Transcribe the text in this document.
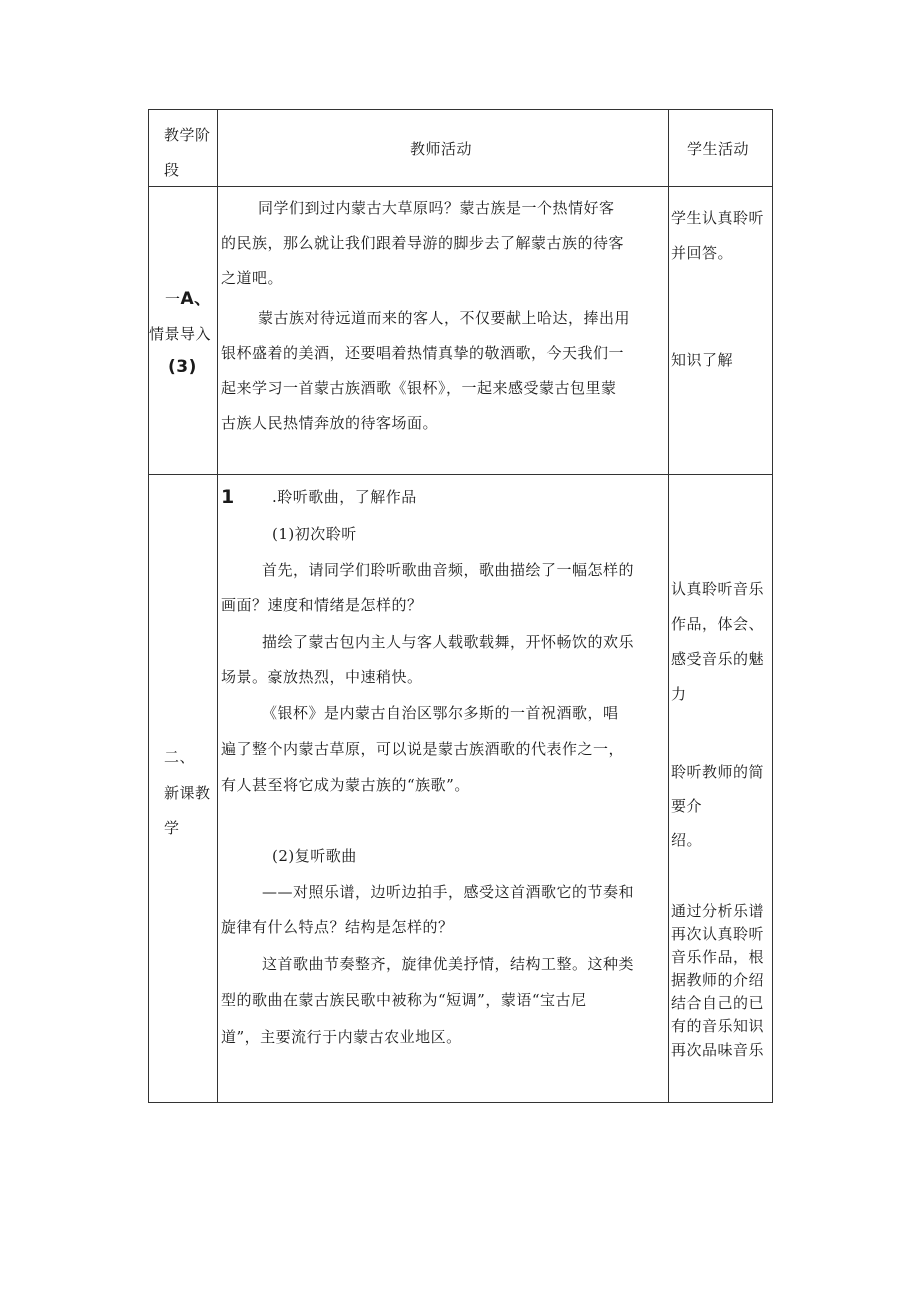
教学阶
段
教师活动	学生活动
一A、
情景导入
(3)
同学们到过内蒙古大草原吗？蒙古族是一个热情好客
的民族，那么就让我们跟着导游的脚步去了解蒙古族的待客
之道吧。
蒙古族对待远道而来的客人，不仅要献上哈达，捧出用
银杯盛着的美酒，还要唱着热情真挚的敬酒歌，今天我们一
起来学习一首蒙古族酒歌《银杯》，一起来感受蒙古包里蒙
古族人民热情奔放的待客场面。
学生认真聆听
并回答。
知识了解
二、
新课教
学
1 .聆听歌曲，了解作品
(1)初次聆听
首先，请同学们聆听歌曲音频，歌曲描绘了一幅怎样的
画面？速度和情绪是怎样的？
描绘了蒙古包内主人与客人载歌载舞，开怀畅饮的欢乐
场景。豪放热烈，中速稍快。
《银杯》是内蒙古自治区鄂尔多斯的一首祝酒歌，唱
遍了整个内蒙古草原，可以说是蒙古族酒歌的代表作之一，
有人甚至将它成为蒙古族的“族歌”。
(2)复听歌曲
——对照乐谱，边听边拍手，感受这首酒歌它的节奏和
旋律有什么特点？结构是怎样的？
这首歌曲节奏整齐，旋律优美抒情，结构工整。这种类
型的歌曲在蒙古族民歌中被称为“短调”，蒙语“宝古尼
道”，主要流行于内蒙古农业地区。
认真聆听音乐
作品，体会、
感受音乐的魅
力
聆听教师的简
要介
绍。
通过分析乐谱
再次认真聆听
音乐作品，根
据教师的介绍
结合自己的已
有的音乐知识
再次品味音乐
